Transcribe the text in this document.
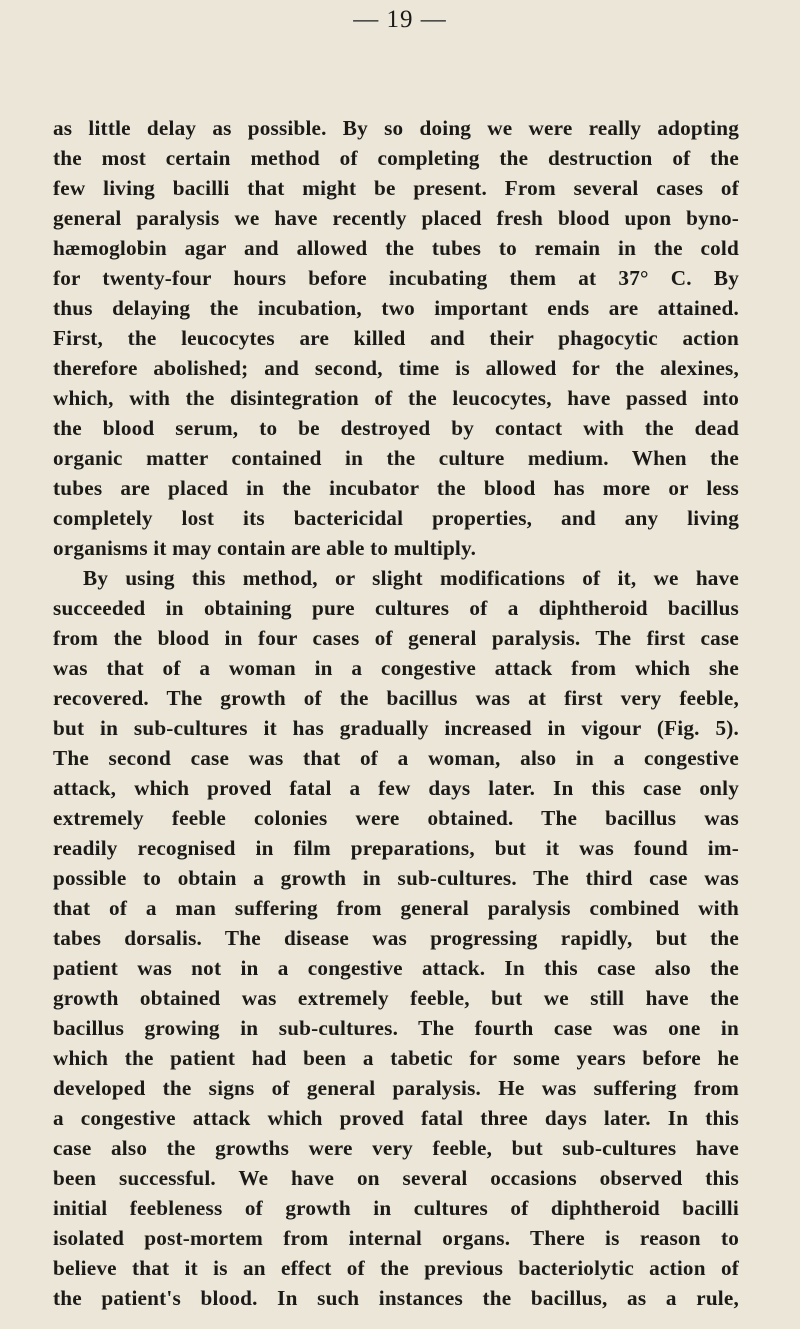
— 19 —
as little delay as possible. By so doing we were really adopting
the most certain method of completing the destruction of the
few living bacilli that might be present. From several cases of
general paralysis we have recently placed fresh blood upon byno-
hæmoglobin agar and allowed the tubes to remain in the cold
for twenty-four hours before incubating them at 37° C. By
thus delaying the incubation, two important ends are attained.
First, the leucocytes are killed and their phagocytic action
therefore abolished; and second, time is allowed for the alexines,
which, with the disintegration of the leucocytes, have passed into
the blood serum, to be destroyed by contact with the dead
organic matter contained in the culture medium. When the
tubes are placed in the incubator the blood has more or less
completely lost its bactericidal properties, and any living
organisms it may contain are able to multiply.
By using this method, or slight modifications of it, we have
succeeded in obtaining pure cultures of a diphtheroid bacillus
from the blood in four cases of general paralysis. The first case
was that of a woman in a congestive attack from which she
recovered. The growth of the bacillus was at first very feeble,
but in sub-cultures it has gradually increased in vigour (Fig. 5).
The second case was that of a woman, also in a congestive
attack, which proved fatal a few days later. In this case only
extremely feeble colonies were obtained. The bacillus was
readily recognised in film preparations, but it was found im-
possible to obtain a growth in sub-cultures. The third case was
that of a man suffering from general paralysis combined with
tabes dorsalis. The disease was progressing rapidly, but the
patient was not in a congestive attack. In this case also the
growth obtained was extremely feeble, but we still have the
bacillus growing in sub-cultures. The fourth case was one in
which the patient had been a tabetic for some years before he
developed the signs of general paralysis. He was suffering from
a congestive attack which proved fatal three days later. In this
case also the growths were very feeble, but sub-cultures have
been successful. We have on several occasions observed this
initial feebleness of growth in cultures of diphtheroid bacilli
isolated post-mortem from internal organs. There is reason to
believe that it is an effect of the previous bacteriolytic action of
the patient's blood. In such instances the bacillus, as a rule,
